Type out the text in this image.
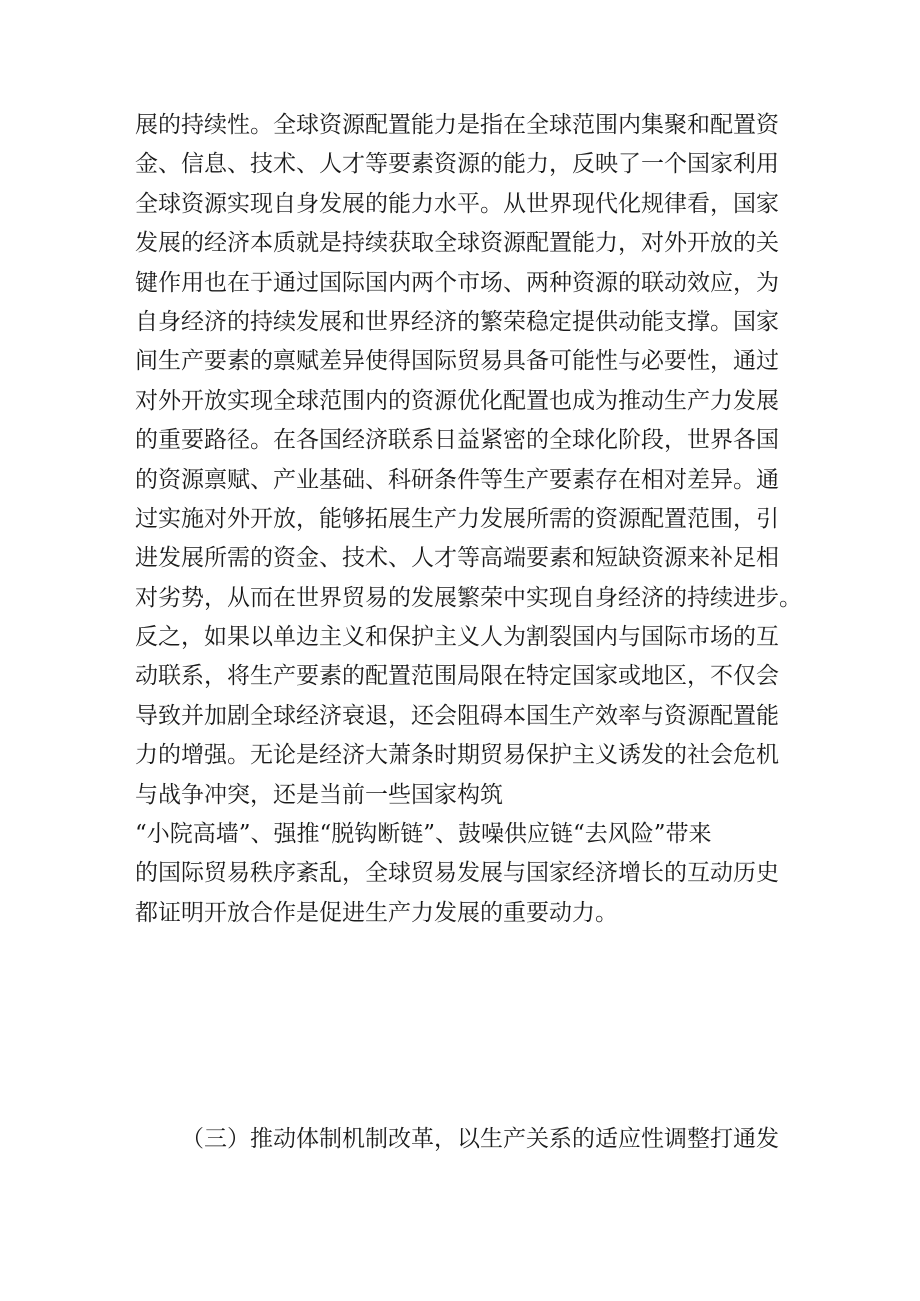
展的持续性。全球资源配置能力是指在全球范围内集聚和配置资
金、信息、技术、人才等要素资源的能力，反映了一个国家利用
全球资源实现自身发展的能力水平。从世界现代化规律看，国家
发展的经济本质就是持续获取全球资源配置能力，对外开放的关
键作用也在于通过国际国内两个市场、两种资源的联动效应，为
自身经济的持续发展和世界经济的繁荣稳定提供动能支撑。国家
间生产要素的禀赋差异使得国际贸易具备可能性与必要性，通过
对外开放实现全球范围内的资源优化配置也成为推动生产力发展
的重要路径。在各国经济联系日益紧密的全球化阶段，世界各国
的资源禀赋、产业基础、科研条件等生产要素存在相对差异。通
过实施对外开放，能够拓展生产力发展所需的资源配置范围，引
进发展所需的资金、技术、人才等高端要素和短缺资源来补足相
对劣势，从而在世界贸易的发展繁荣中实现自身经济的持续进步。
反之，如果以单边主义和保护主义人为割裂国内与国际市场的互
动联系，将生产要素的配置范围局限在特定国家或地区，不仅会
导致并加剧全球经济衰退，还会阻碍本国生产效率与资源配置能
力的增强。无论是经济大萧条时期贸易保护主义诱发的社会危机
与战争冲突，还是当前一些国家构筑
“小院高墙”、强推“脱钩断链”、鼓噪供应链“去风险”带来
的国际贸易秩序紊乱，全球贸易发展与国家经济增长的互动历史
都证明开放合作是促进生产力发展的重要动力。
（三）推动体制机制改革，以生产关系的适应性调整打通发
